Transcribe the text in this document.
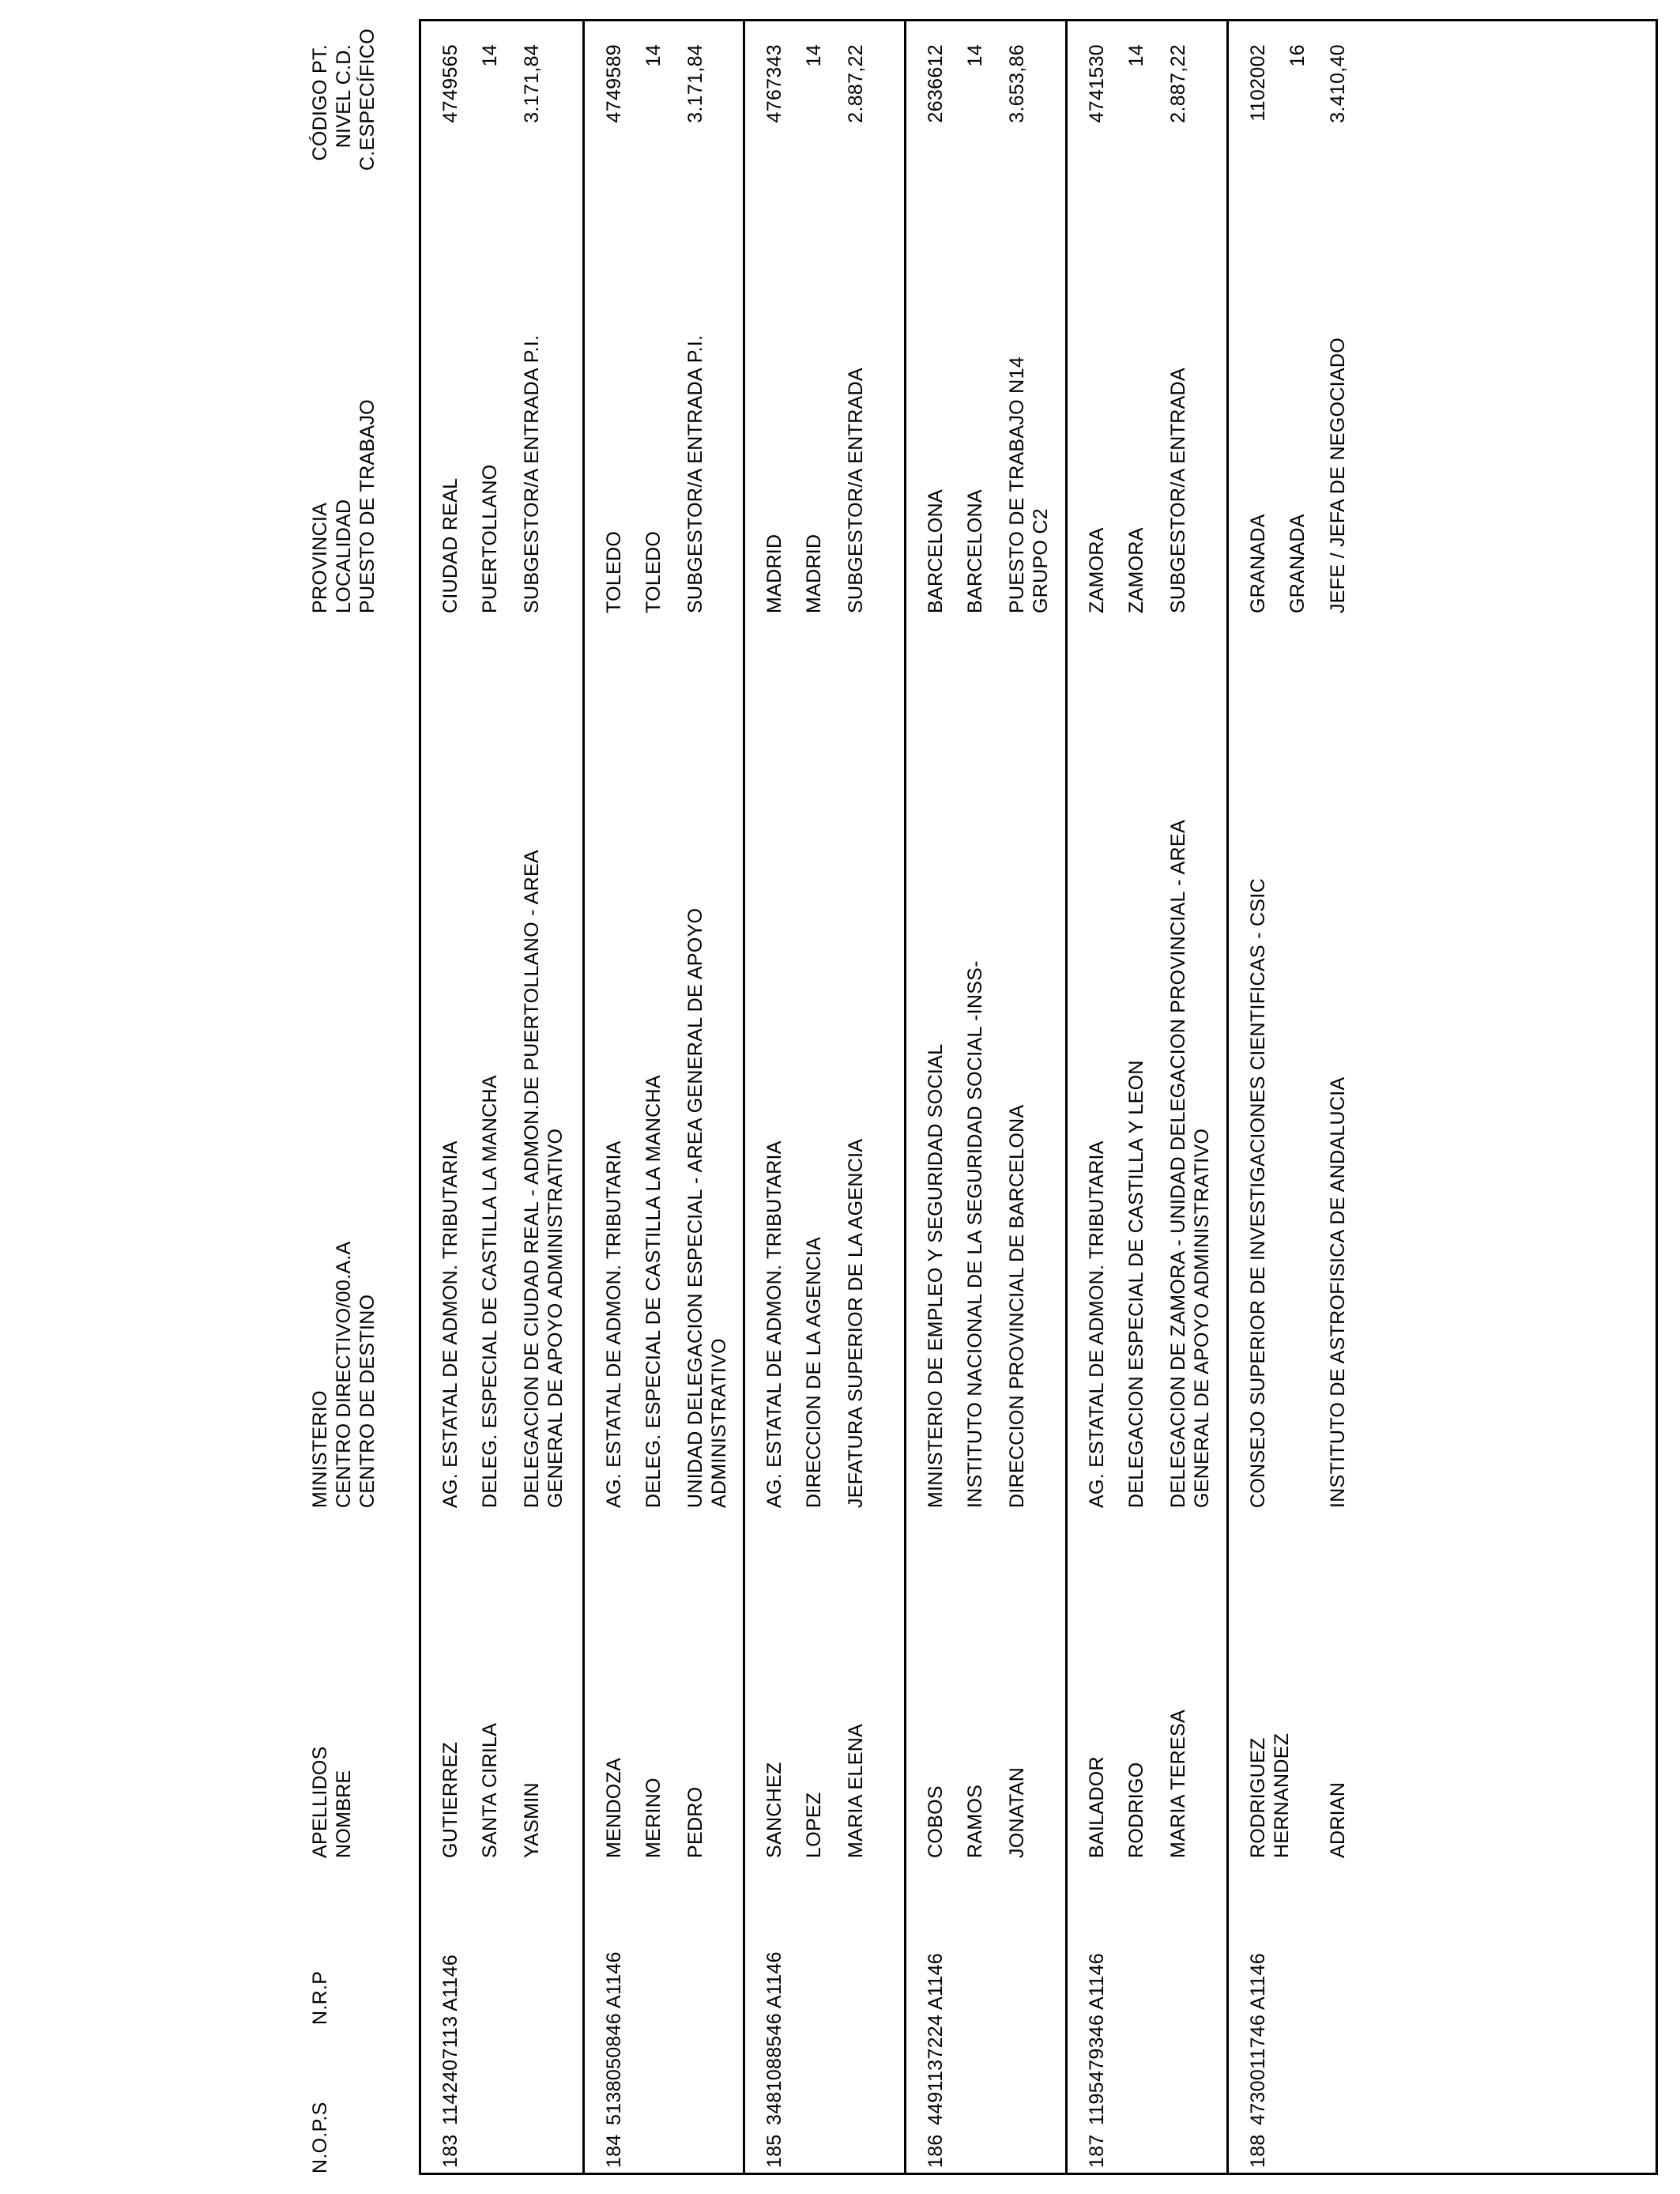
N.O.P.S
N.R.P
APELLIDOS NOMBRE
MINISTERIO CENTRO DIRECTIVO/00.A.A CENTRO DE DESTINO
PROVINCIA LOCALIDAD PUESTO DE TRABAJO
CÓDIGO PT. NIVEL C.D. C.ESPECÍFICO
183
1142407113 A1146
GUTIERREZ SANTA CIRILA YASMIN
AG. ESTATAL DE ADMON. TRIBUTARIA DELEG. ESPECIAL DE CASTILLA LA MANCHA DELEGACION DE CIUDAD REAL - ADMON.DE PUERTOLLANO - AREA GENERAL DE APOYO ADMINISTRATIVO
CIUDAD REAL PUERTOLLANO SUBGESTOR/A ENTRADA P.I.
4749565 14 3.171,84
184
5138050846 A1146
MENDOZA MERINO PEDRO
AG. ESTATAL DE ADMON. TRIBUTARIA DELEG. ESPECIAL DE CASTILLA LA MANCHA UNIDAD DELEGACION ESPECIAL - AREA GENERAL DE APOYO ADMINISTRATIVO
TOLEDO TOLEDO SUBGESTOR/A ENTRADA P.I.
4749589 14 3.171,84
185
3481088546 A1146
SANCHEZ LOPEZ MARIA ELENA
AG. ESTATAL DE ADMON. TRIBUTARIA DIRECCION DE LA AGENCIA JEFATURA SUPERIOR DE LA AGENCIA
MADRID MADRID SUBGESTOR/A ENTRADA
4767343 14 2.887,22
186
4491137224 A1146
COBOS RAMOS JONATAN
MINISTERIO DE EMPLEO Y SEGURIDAD SOCIAL INSTITUTO NACIONAL DE LA SEGURIDAD SOCIAL -INSS- DIRECCION PROVINCIAL DE BARCELONA
BARCELONA BARCELONA PUESTO DE TRABAJO N14 GRUPO C2
2636612 14 3.653,86
187
1195479346 A1146
BAILADOR RODRIGO MARIA TERESA
AG. ESTATAL DE ADMON. TRIBUTARIA DELEGACION ESPECIAL DE CASTILLA Y LEON DELEGACION DE ZAMORA - UNIDAD DELEGACION PROVINCIAL - AREA GENERAL DE APOYO ADMINISTRATIVO
ZAMORA ZAMORA SUBGESTOR/A ENTRADA
4741530 14 2.887,22
188
4730011746 A1146
RODRIGUEZ HERNANDEZ ADRIAN
CONSEJO SUPERIOR DE INVESTIGACIONES CIENTIFICAS - CSIC	INSTITUTO DE ASTROFISICA DE ANDALUCIA
GRANADA GRANADA JEFE / JEFA DE NEGOCIADO
1102002 16 3.410,40
